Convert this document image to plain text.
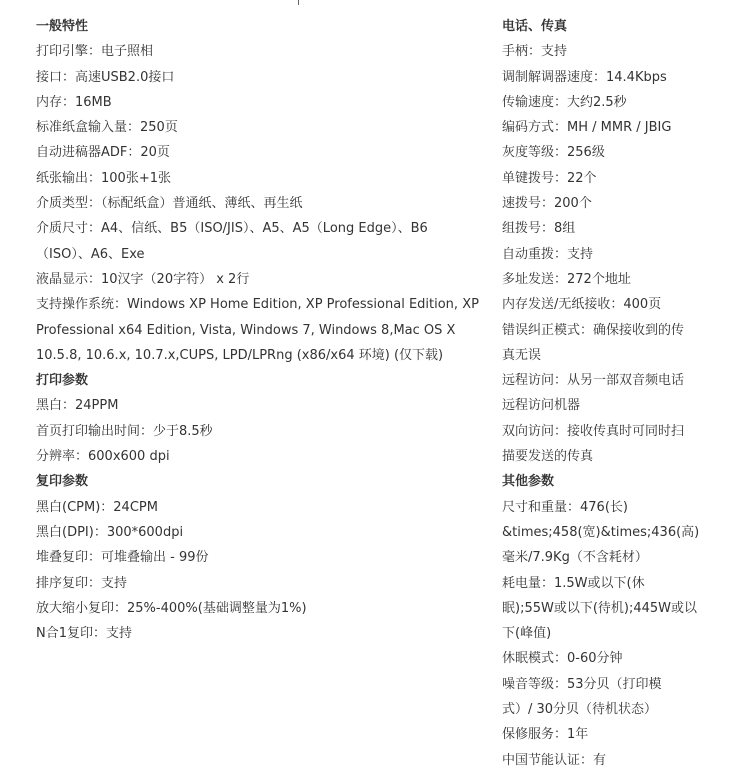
一般特性
打印引擎：电子照相
接口：高速USB2.0接口
内存：16MB
标准纸盒输入量：250页
自动进稿器ADF：20页
纸张输出：100张+1张
介质类型：（标配纸盒）普通纸、薄纸、再生纸
介质尺寸：A4、信纸、B5（ISO/JIS）、A5、A5（Long Edge）、B6
（ISO）、A6、Exe
液晶显示：10汉字（20字符） x 2行
支持操作系统：Windows XP Home Edition, XP Professional Edition, XP
Professional x64 Edition, Vista, Windows 7, Windows 8,Mac OS X
10.5.8, 10.6.x, 10.7.x,CUPS, LPD/LPRng (x86/x64 环境) (仅下载)
打印参数
黑白：24PPM
首页打印输出时间：少于8.5秒
分辨率：600x600 dpi
复印参数
黑白(CPM)：24CPM
黑白(DPI)：300*600dpi
堆叠复印：可堆叠输出 - 99份
排序复印：支持
放大缩小复印：25%-400%(基础调整量为1%)
N合1复印：支持
电话、传真
手柄：支持
调制解调器速度：14.4Kbps
传输速度：大约2.5秒
编码方式：MH / MMR / JBIG
灰度等级：256级
单键拨号：22个
速拨号：200个
组拨号：8组
自动重拨：支持
多址发送：272个地址
内存发送/无纸接收：400页
错误纠正模式：确保接收到的传
真无误
远程访问：从另一部双音频电话
远程访问机器
双向访问：接收传真时可同时扫
描要发送的传真
其他参数
尺寸和重量：476(长)
&times;458(宽)&times;436(高)
毫米/7.9Kg（不含耗材）
耗电量：1.5W或以下(休
眠);55W或以下(待机);445W或以
下(峰值)
休眠模式：0-60分钟
噪音等级：53分贝（打印模
式）/ 30分贝（待机状态）
保修服务：1年
中国节能认证：有
